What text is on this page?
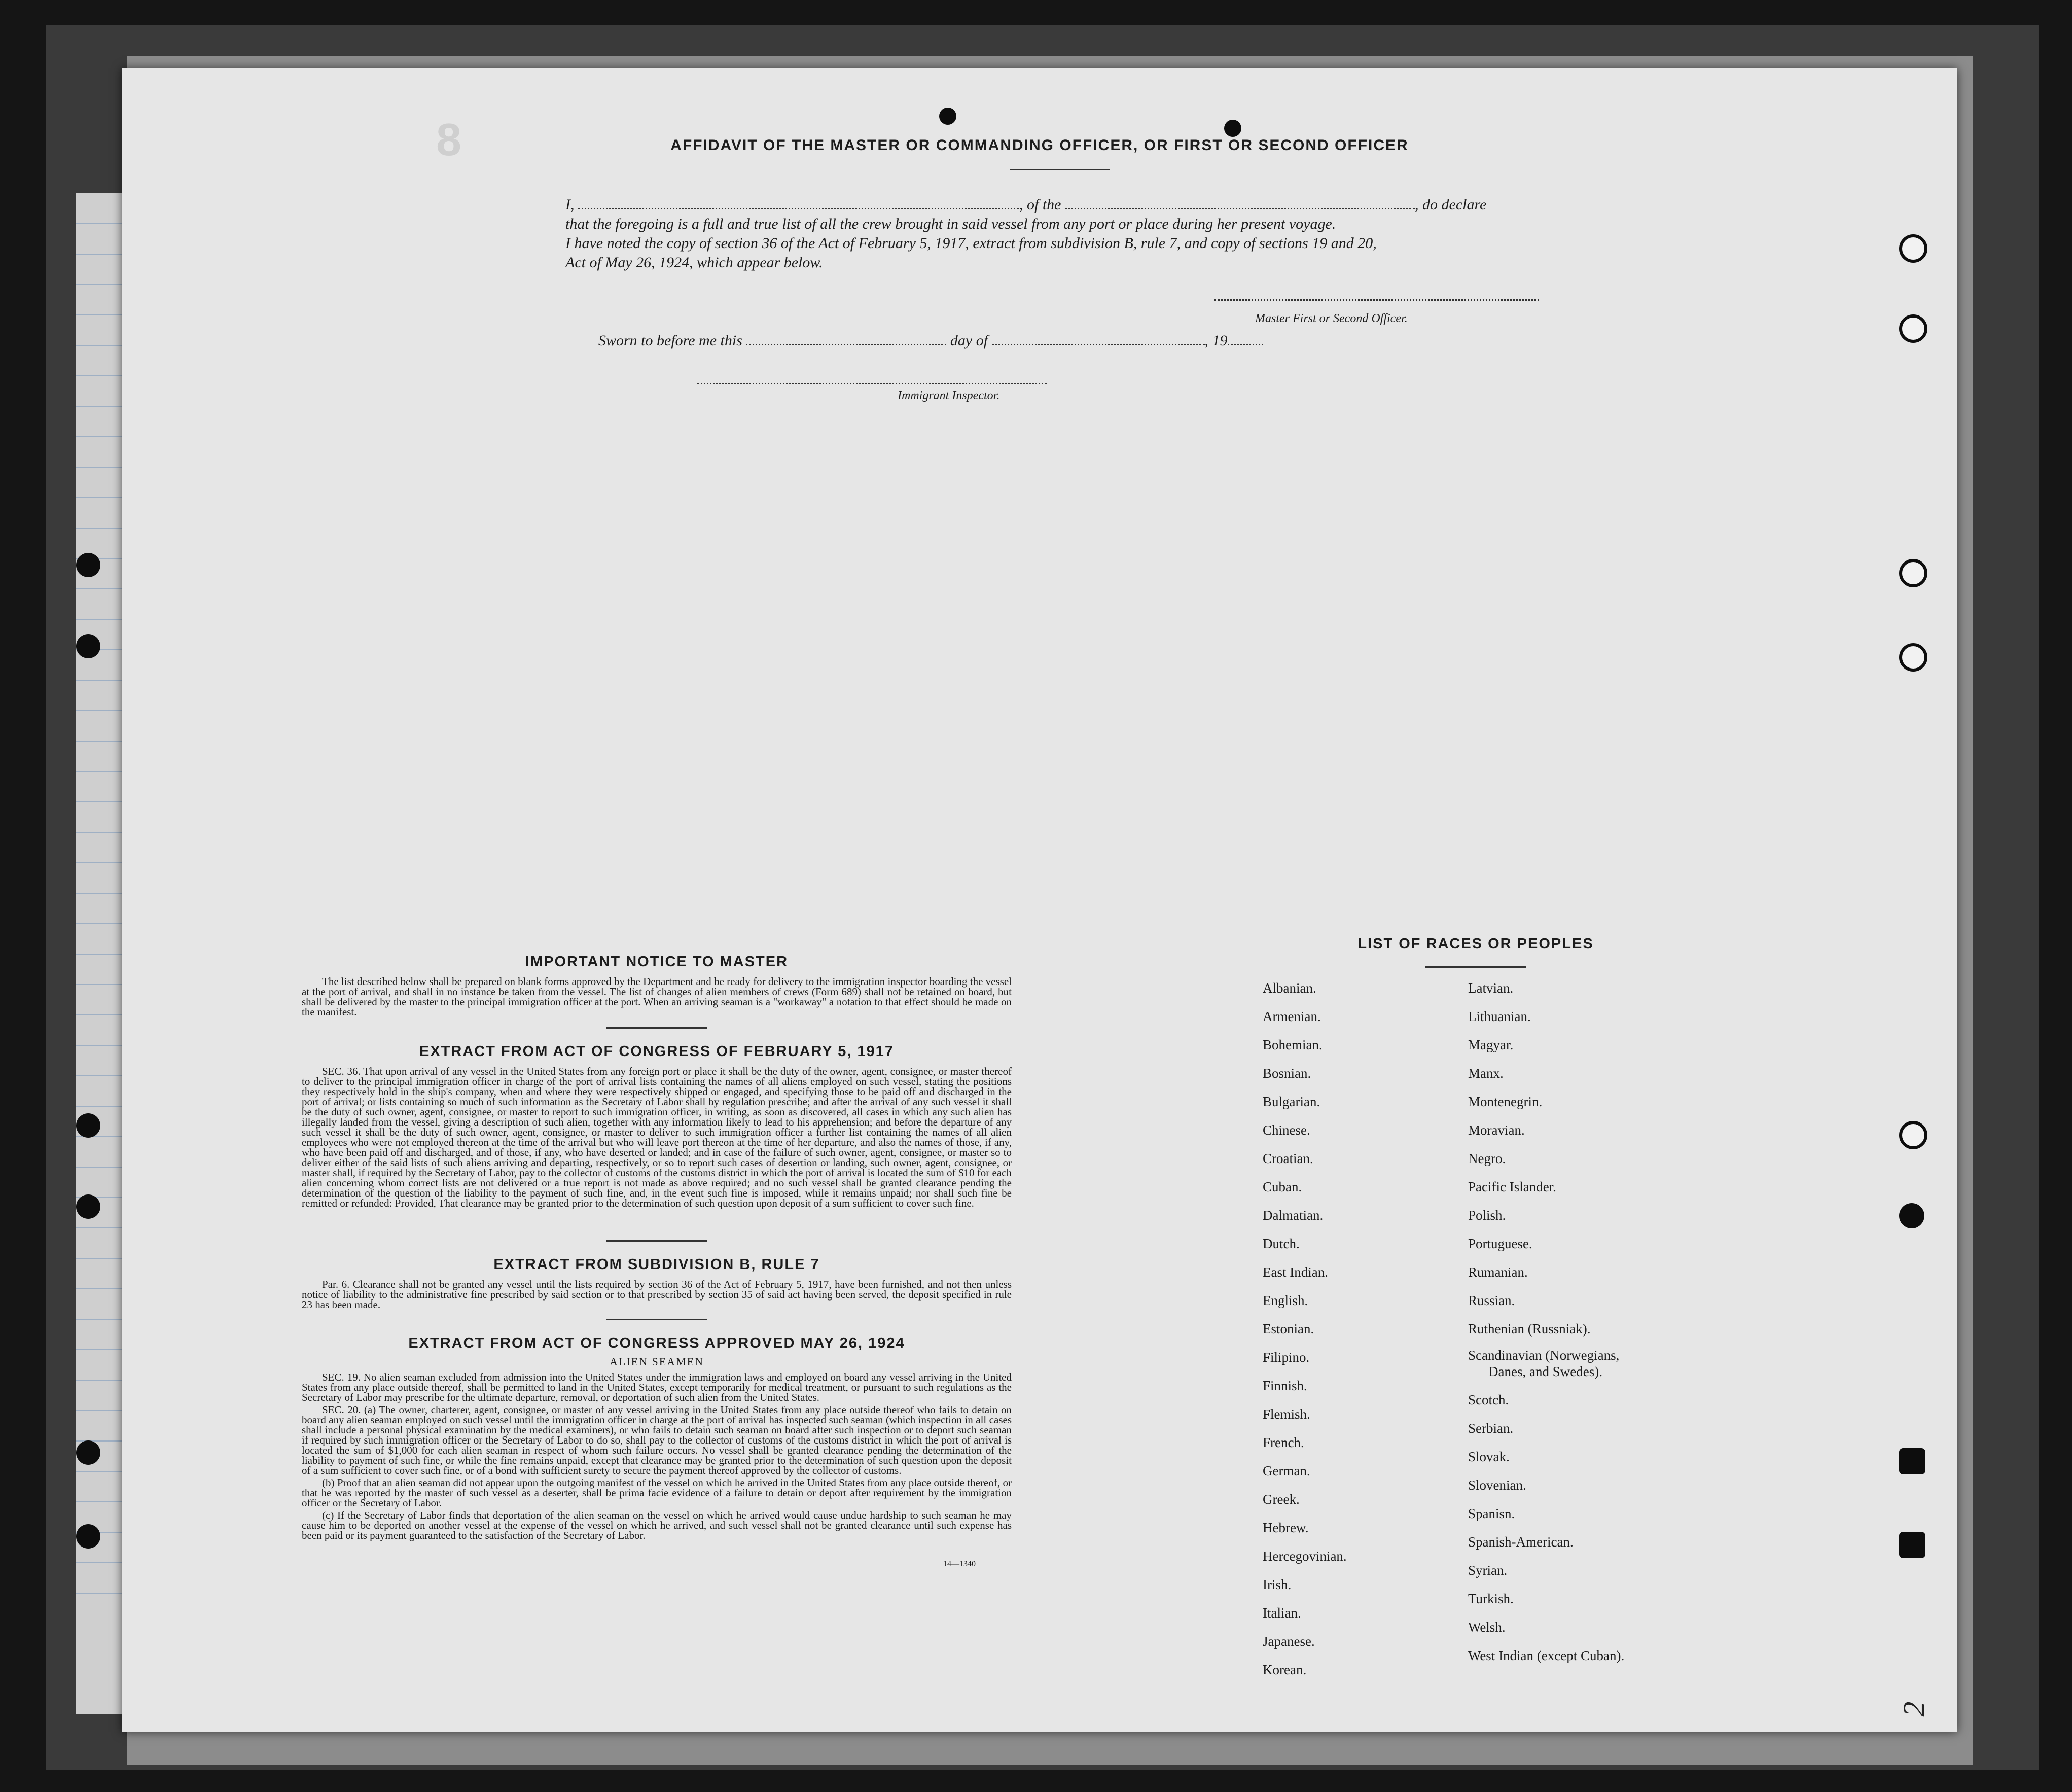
8	AFFIDAVIT OF THE MASTER OR COMMANDING OFFICER, OR FIRST OR SECOND OFFICER
I,	, of the	, do declare
that the foregoing is a full and true list of all the crew brought in said vessel from any port or place during her present voyage.
I have noted the copy of section 36 of the Act of February 5, 1917, extract from subdivision B, rule 7, and copy of sections 19 and 20,
Act of May 26, 1924, which appear below.
Master First or Second Officer.
Sworn to before me this	day of	, 19
Immigrant Inspector.
IMPORTANT NOTICE TO MASTER

The list described below shall be prepared on blank forms approved by the Department and be ready for delivery to the immigration inspector boarding the vessel at the port of arrival, and shall in no instance be taken from the vessel. The list of changes of alien members of crews (Form 689) shall not be retained on board, but shall be delivered by the master to the principal immigration officer at the port. When an arriving seaman is a "workaway" a notation to that effect should be made on the manifest.

EXTRACT FROM ACT OF CONGRESS OF FEBRUARY 5, 1917

SEC. 36. That upon arrival of any vessel in the United States from any foreign port or place it shall be the duty of the owner, agent, consignee, or master thereof to deliver to the principal immigration officer in charge of the port of arrival lists containing the names of all aliens employed on such vessel, stating the positions they respectively hold in the ship's company, when and where they were respectively shipped or engaged, and specifying those to be paid off and discharged in the port of arrival; or lists containing so much of such information as the Secretary of Labor shall by regulation prescribe; and after the arrival of any such vessel it shall be the duty of such owner, agent, consignee, or master to report to such immigration officer, in writing, as soon as discovered, all cases in which any such alien has illegally landed from the vessel, giving a description of such alien, together with any information likely to lead to his apprehension; and before the departure of any such vessel it shall be the duty of such owner, agent, consignee, or master to deliver to such immigration officer a further list containing the names of all alien employees who were not employed thereon at the time of the arrival but who will leave port thereon at the time of her departure, and also the names of those, if any, who have been paid off and discharged, and of those, if any, who have deserted or landed; and in case of the failure of such owner, agent, consignee, or master so to deliver either of the said lists of such aliens arriving and departing, respectively, or so to report such cases of desertion or landing, such owner, agent, consignee, or master shall, if required by the Secretary of Labor, pay to the collector of customs of the customs district in which the port of arrival is located the sum of $10 for each alien concerning whom correct lists are not delivered or a true report is not made as above required; and no such vessel shall be granted clearance pending the determination of the question of the liability to the payment of such fine, and, in the event such fine is imposed, while it remains unpaid; nor shall such fine be remitted or refunded: Provided, That clearance may be granted prior to the determination of such question upon deposit of a sum sufficient to cover such fine.

EXTRACT FROM SUBDIVISION B, RULE 7

Par. 6. Clearance shall not be granted any vessel until the lists required by section 36 of the Act of February 5, 1917, have been furnished, and not then unless notice of liability to the administrative fine prescribed by said section or to that prescribed by section 35 of said act having been served, the deposit specified in rule 23 has been made.

EXTRACT FROM ACT OF CONGRESS APPROVED MAY 26, 1924
ALIEN SEAMEN

SEC. 19. No alien seaman excluded from admission into the United States under the immigration laws and employed on board any vessel arriving in the United States from any place outside thereof, shall be permitted to land in the United States, except temporarily for medical treatment, or pursuant to such regulations as the Secretary of Labor may prescribe for the ultimate departure, removal, or deportation of such alien from the United States.

SEC. 20. (a) The owner, charterer, agent, consignee, or master of any vessel arriving in the United States from any place outside thereof who fails to detain on board any alien seaman employed on such vessel until the immigration officer in charge at the port of arrival has inspected such seaman (which inspection in all cases shall include a personal physical examination by the medical examiners), or who fails to detain such seaman on board after such inspection or to deport such seaman if required by such immigration officer or the Secretary of Labor to do so, shall pay to the collector of customs of the customs district in which the port of arrival is located the sum of $1,000 for each alien seaman in respect of whom such failure occurs. No vessel shall be granted clearance pending the determination of the liability to payment of such fine, or while the fine remains unpaid, except that clearance may be granted prior to the determination of such question upon the deposit of a sum sufficient to cover such fine, or of a bond with sufficient surety to secure the payment thereof approved by the collector of customs.

(b) Proof that an alien seaman did not appear upon the outgoing manifest of the vessel on which he arrived in the United States from any place outside thereof, or that he was reported by the master of such vessel as a deserter, shall be prima facie evidence of a failure to detain or deport after requirement by the immigration officer or the Secretary of Labor.

(c) If the Secretary of Labor finds that deportation of the alien seaman on the vessel on which he arrived would cause undue hardship to such seaman he may cause him to be deported on another vessel at the expense of the vessel on which he arrived, and such vessel shall not be granted clearance until such expense has been paid or its payment guaranteed to the satisfaction of the Secretary of Labor.

14—1340
LIST OF RACES OR PEOPLES
Albanian.
Armenian.
Bohemian.
Bosnian.
Bulgarian.
Chinese.
Croatian.
Cuban.
Dalmatian.
Dutch.
East Indian.
English.
Estonian.
Filipino.
Finnish.
Flemish.
French.
German.
Greek.
Hebrew.
Hercegovinian.
Irish.
Italian.
Japanese.
Korean.
Latvian.
Lithuanian.
Magyar.
Manx.
Montenegrin.
Moravian.
Negro.
Pacific Islander.
Polish.
Portuguese.
Rumanian.
Russian.
Ruthenian (Russniak).
Scandinavian (Norwegians,
Danes, and Swedes).
Scotch.
Serbian.
Slovak.
Slovenian.
Spanisn.
Spanish-American.
Syrian.
Turkish.
Welsh.
West Indian (except Cuban).
2
